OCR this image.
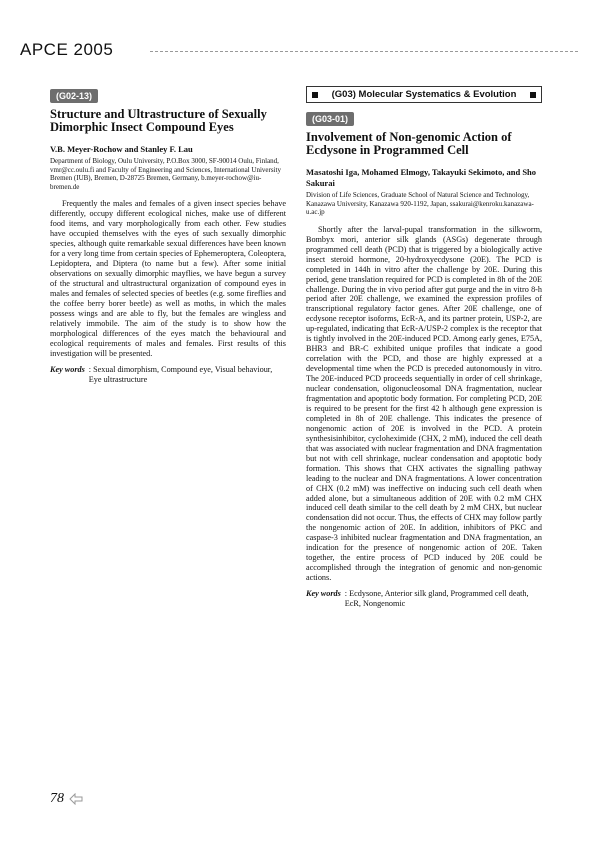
APCE 2005
(G02-13)
Structure and Ultrastructure of Sexually Dimorphic Insect Compound Eyes
V.B. Meyer-Rochow and Stanley F. Lau
Department of Biology, Oulu University, P.O.Box 3000, SF-90014 Oulu, Finland, vmr@cc.oulu.fi and Faculty of Engineering and Sciences, International University Bremen (IUB), Bremen, D-28725 Bremen, Germany, b.meyer-rochow@iu-bremen.de
Frequently the males and females of a given insect species behave differently, occupy different ecological niches, make use of different food items, and vary morphologically from each other. Few studies have occupied themselves with the eyes of such sexually dimorphic species, although quite remarkable sexual differences have been known for a very long time from certain species of Ephemeroptera, Coleoptera, Lepidoptera, and Diptera (to name but a few). After some initial observations on sexually dimorphic mayflies, we have begun a survey of the structural and ultrastructural organization of compound eyes in males and females of selected species of beetles (e.g. some fireflies and the coffee berry borer beetle) as well as moths, in which the males possess wings and are able to fly, but the females are wingless and relatively immobile. The aim of the study is to show how the morphological differences of the eyes match the behavioural and ecological requirements of males and females. First results of this investigation will be presented.
Key words : Sexual dimorphism, Compound eye, Visual behaviour, Eye ultrastructure
(G03) Molecular Systematics & Evolution
(G03-01)
Involvement of Non-genomic Action of Ecdysone in Programmed Cell
Masatoshi Iga, Mohamed Elmogy, Takayuki Sekimoto, and Sho Sakurai
Division of Life Sciences, Graduate School of Natural Science and Technology, Kanazawa University, Kanazawa 920-1192, Japan, ssakurai@kenroku.kanazawa-u.ac.jp
Shortly after the larval-pupal transformation in the silkworm, Bombyx mori, anterior silk glands (ASGs) degenerate through programmed cell death (PCD) that is triggered by a biologically active insect steroid hormone, 20-hydroxyecdysone (20E). The PCD is completed in 144h in vitro after the challenge by 20E. During this period, gene translation required for PCD is completed in 8h of the 20E challenge. During the in vivo period after gut purge and the in vitro 8-h period after 20E challenge, we examined the expression profiles of transcriptional regulatory factor genes. After 20E challenge, one of ecdysone receptor isoforms, EcR-A, and its partner protein, USP-2, are up-regulated, indicating that EcR-A/USP-2 complex is the receptor that is tightly involved in the 20E-induced PCD. Among early genes, E75A, BHR3 and BR-C exhibited unique profiles that indicate a good correlation with the PCD, and those are highly expressed at a developmental time when the PCD is preceded autonomously in vitro. The 20E-induced PCD proceeds sequentially in order of cell shrinkage, nuclear condensation, oligonucleosomal DNA fragmentation, nuclear fragmentation and apoptotic body formation. For completing PCD, 20E is required to be present for the first 42 h although gene expression is completed in 8h of 20E challenge. This indicates the presence of nongenomic action of 20E is involved in the PCD. A protein synthesisinhibitor, cycloheximide (CHX, 2 mM), induced the cell death that was associated with nuclear fragmentation and DNA fragmentation but not with cell shrinkage, nuclear condensation and apoptotic body formation. This shows that CHX activates the signalling pathway leading to the nuclear and DNA fragmentations. A lower concentration of CHX (0.2 mM) was ineffective on inducing such cell death when added alone, but a simultaneous addition of 20E with 0.2 mM CHX induced cell death similar to the cell death by 2 mM CHX, but nuclear condensation did not occur. Thus, the effects of CHX may follow partly the nongenomic action of 20E. In addition, inhibitors of PKC and caspase-3 inhibited nuclear fragmentation and DNA fragmentation, an indication for the presence of nongenomic action of 20E. Taken together, the entire process of PCD induced by 20E could be accomplished through the integration of genomic and non-genomic actions.
Key words : Ecdysone, Anterior silk gland, Programmed cell death, EcR, Nongenomic
78
